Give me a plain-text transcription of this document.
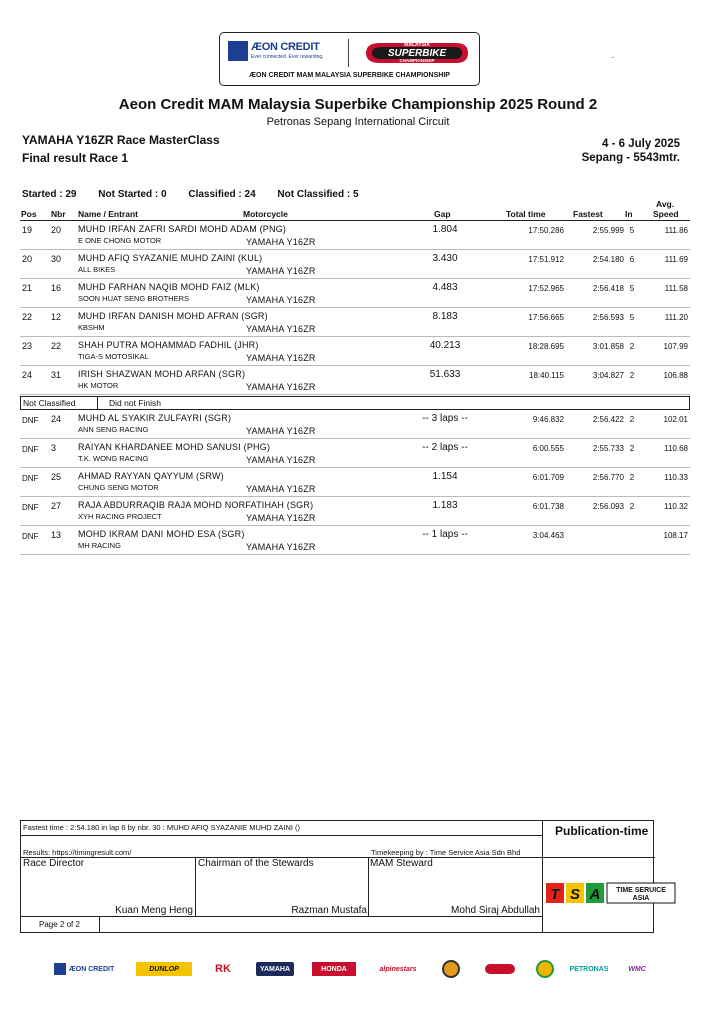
ÆON CREDIT
Ever connected. Ever rewarding.
MALAYSIA
SUPERBIKE
CHAMPIONSHIP
ÆON CREDIT MAM MALAYSIA SUPERBIKE CHAMPIONSHIP
Aeon Credit MAM Malaysia Superbike Championship 2025 Round 2
Petronas Sepang International Circuit
YAMAHA Y16ZR Race MasterClass
Final result Race 1
4 - 6 July 2025
Sepang - 5543mtr.
Started : 29 Not Started : 0 Classified : 24 Not Classified : 5
Pos Nbr Name / Entrant	Motorcycle	Gap	Total time	Fastest	In
Avg.
Speed
19 20 MUHD IRFAN ZAFRI SARDI MOHD ADAM (PNG)
E ONE CHONG MOTOR	YAMAHA Y16ZR
1.804	17:50.286	2:55.999 5	111.86
20 30 MUHD AFIQ SYAZANIE MUHD ZAINI (KUL)
ALL BIKES	YAMAHA Y16ZR
3.430	17:51.912	2:54.180 6	111.69
21 16 MUHD FARHAN NAQIB MOHD FAIZ (MLK)
SOON HUAT SENG BROTHERS	YAMAHA Y16ZR
4.483	17:52.965	2:56.418 5	111.58
22 12 MUHD IRFAN DANISH MOHD AFRAN (SGR)
KBSHM	YAMAHA Y16ZR
8.183	17:56.665	2:56.593 5	111.20
23 22 SHAH PUTRA MOHAMMAD FADHIL (JHR)
TIGA-S MOTOSIKAL	YAMAHA Y16ZR
40.213	18:28.695	3:01.858 2	107.99
24 31 IRISH SHAZWAN MOHD ARFAN (SGR)
HK MOTOR	YAMAHA Y16ZR
51.633	18:40.115	3:04.827 2	106.88
Not Classified	Did not Finish
DNF 24 MUHD AL SYAKIR ZULFAYRI (SGR)
ANN SENG RACING	YAMAHA Y16ZR
-- 3 laps --	9:46.832	2:56.422 2	102.01
DNF 3 RAIYAN KHARDANEE MOHD SANUSI (PHG)
T.K. WONG RACING	YAMAHA Y16ZR
-- 2 laps --	6:00.555	2:55.733 2	110.68
DNF 25 AHMAD RAYYAN QAYYUM (SRW)
CHUNG SENG MOTOR	YAMAHA Y16ZR
1.154	6:01.709	2:56.770 2	110.33
DNF 27 RAJA ABDURRAQIB RAJA MOHD NORFATIHAH (SGR)
XYH RACING PROJECT	YAMAHA Y16ZR
1.183	6:01.738	2:56.093 2	110.32
DNF 13 MOHD IKRAM DANI MOHD ESA (SGR)
MH RACING	YAMAHA Y16ZR
-- 1 laps --	3:04.463	108.17
Fastest time : 2:54.180 in lap 6 by nbr. 30 : MUHD AFIQ SYAZANIE MUHD ZAINI ()
Results: https://timingresult.com/	Timekeeping by : Time Service Asia Sdn Bhd
Publication-time
Race Director	Chairman of the Stewards	MAM Steward
Kuan Meng Heng	Razman Mustafa	Mohd Siraj Abdullah
Page 2 of 2
T S A TIME SERUICE
ASIA
ÆON CREDIT	DUNLOP	RK	YAMAHA	HONDA	alpinestars	PETRONAS	WMC
